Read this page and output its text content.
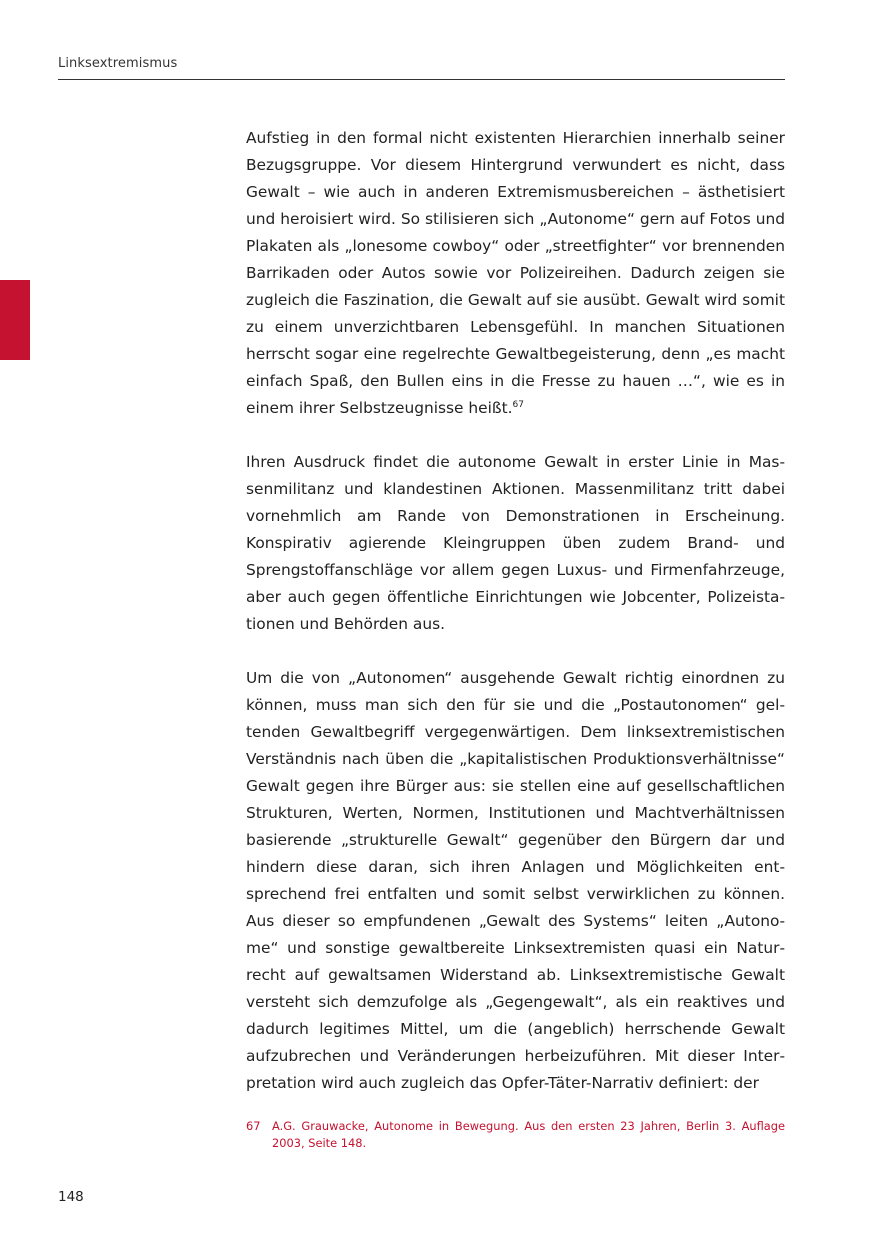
Linksextremismus

Aufstieg in den formal nicht existenten Hierarchien innerhalb seiner Bezugsgruppe. Vor diesem Hintergrund verwundert es nicht, dass Gewalt – wie auch in anderen Extremismusbereichen – ästhetisiert und heroisiert wird. So stilisieren sich „Autonome“ gern auf Fotos und Plakaten als „lonesome cowboy“ oder „streetfighter“ vor brennenden Barrikaden oder Autos sowie vor Polizeireihen. Dadurch zeigen sie zugleich die Faszination, die Gewalt auf sie ausübt. Gewalt wird somit zu einem unverzichtbaren Lebensgefühl. In manchen Situationen herrscht sogar eine regelrechte Gewaltbegeisterung, denn „es macht einfach Spaß, den Bullen eins in die Fresse zu hauen …“, wie es in einem ihrer Selbstzeugnisse heißt.$^{67}$

Ihren Ausdruck findet die autonome Gewalt in erster Linie in Massenmilitanz und klandestinen Aktionen. Massenmilitanz tritt dabei vornehmlich am Rande von Demonstrationen in Erscheinung. Konspirativ agierende Kleingruppen üben zudem Brand- und Sprengstoffanschläge vor allem gegen Luxus- und Firmenfahrzeuge, aber auch gegen öffentliche Einrichtungen wie Jobcenter, Polizeistationen und Behörden aus.

Um die von „Autonomen“ ausgehende Gewalt richtig einordnen zu können, muss man sich den für sie und die „Postautonomen“ geltenden Gewaltbegriff vergegenwärtigen. Dem linksextremistischen Verständnis nach üben die „kapitalistischen Produktionsverhältnisse“ Gewalt gegen ihre Bürger aus: sie stellen eine auf gesellschaftlichen Strukturen, Werten, Normen, Institutionen und Machtverhältnissen basierende „strukturelle Gewalt“ gegenüber den Bürgern dar und hindern diese daran, sich ihren Anlagen und Möglichkeiten entsprechend frei entfalten und somit selbst verwirklichen zu können. Aus dieser so empfundenen „Gewalt des Systems“ leiten „Autonome“ und sonstige gewaltbereite Linksextremisten quasi ein Naturrecht auf gewaltsamen Widerstand ab. Linksextremistische Gewalt versteht sich demzufolge als „Gegengewalt“, als ein reaktives und dadurch legitimes Mittel, um die (angeblich) herrschende Gewalt aufzubrechen und Veränderungen herbeizuführen. Mit dieser Interpretation wird auch zugleich das Opfer-Täter-Narrativ definiert: der

67	A.G. Grauwacke, Autonome in Bewegung. Aus den ersten 23 Jahren, Berlin 3. Auflage 2003, Seite 148.
148
